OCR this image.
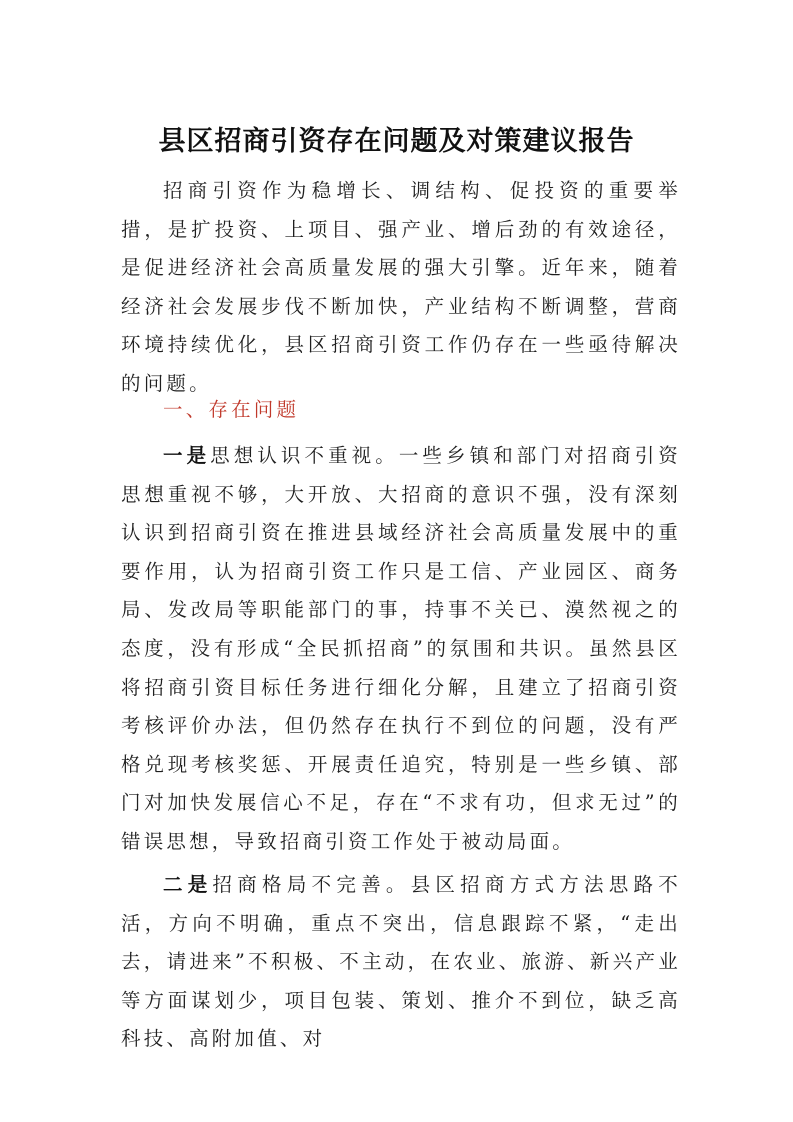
县区招商引资存在问题及对策建议报告

招商引资作为稳增长、调结构、促投资的重要举措，是扩投资、上项目、强产业、增后劲的有效途径，是促进经济社会高质量发展的强大引擎。近年来，随着经济社会发展步伐不断加快，产业结构不断调整，营商环境持续优化，县区招商引资工作仍存在一些亟待解决的问题。

一、存在问题

一是思想认识不重视。一些乡镇和部门对招商引资思想重视不够，大开放、大招商的意识不强，没有深刻认识到招商引资在推进县域经济社会高质量发展中的重要作用，认为招商引资工作只是工信、产业园区、商务局、发改局等职能部门的事，持事不关已、漠然视之的态度，没有形成“全民抓招商”的氛围和共识。虽然县区将招商引资目标任务进行细化分解，且建立了招商引资考核评价办法，但仍然存在执行不到位的问题，没有严格兑现考核奖惩、开展责任追究，特别是一些乡镇、部门对加快发展信心不足，存在“不求有功，但求无过”的错误思想，导致招商引资工作处于被动局面。

二是招商格局不完善。县区招商方式方法思路不活，方向不明确，重点不突出，信息跟踪不紧，“走出去，请进来”不积极、不主动，在农业、旅游、新兴产业等方面谋划少，项目包装、策划、推介不到位，缺乏高科技、高附加值、对
